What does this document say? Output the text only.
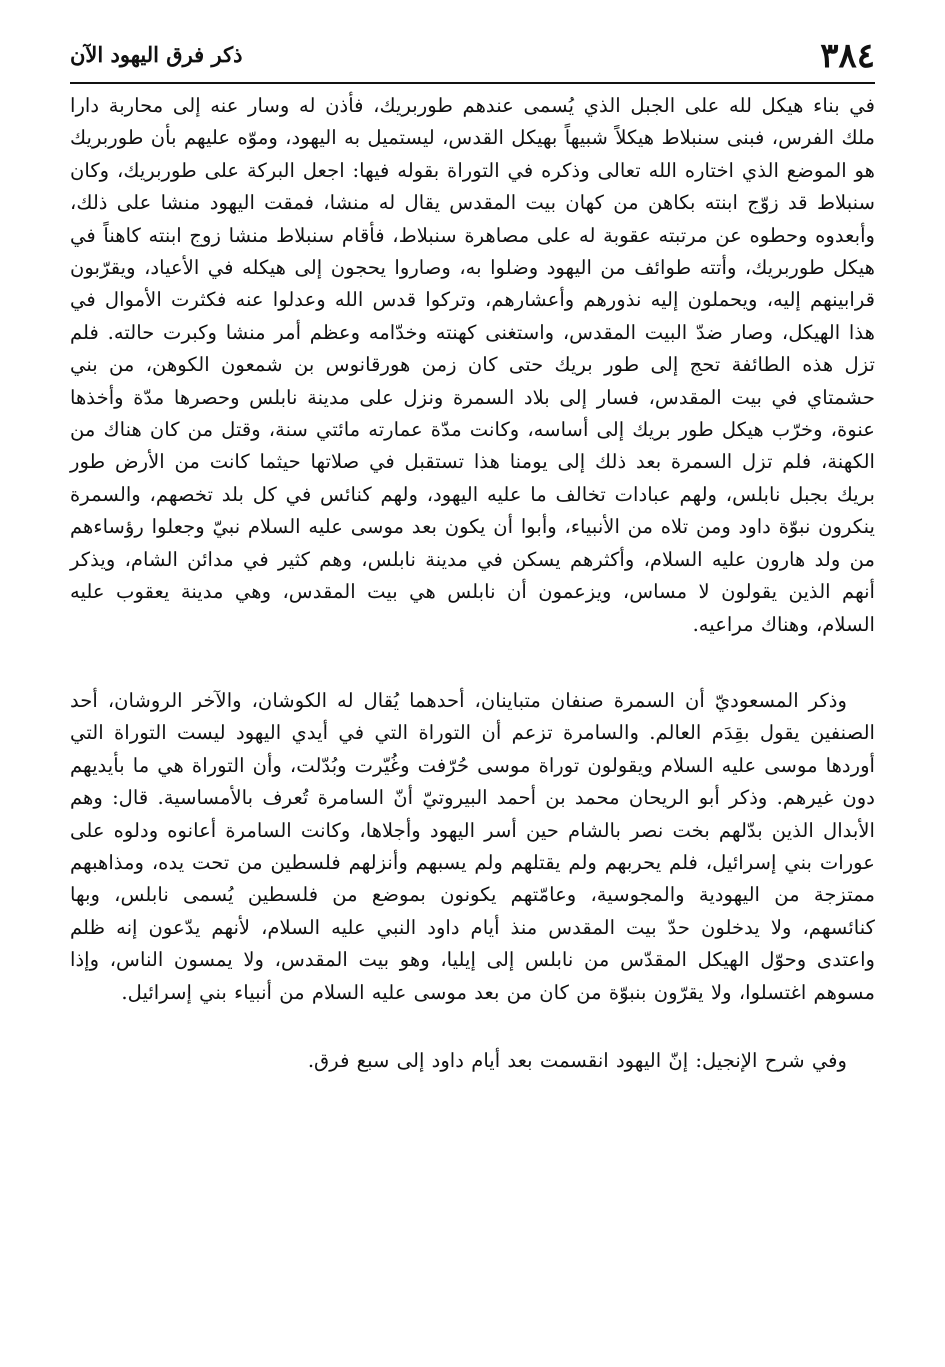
٣٨٤
ذكر فرق اليهود الآن

في بناء هيكل لله على الجبل الذي يُسمى عندهم طوربريك، فأذن له وسار عنه إلى محاربة دارا ملك الفرس، فبنى سنبلاط هيكلاً شبيهاً بهيكل القدس، ليستميل به اليهود، وموّه عليهم بأن طوربريك هو الموضع الذي اختاره الله تعالى وذكره في التوراة بقوله فيها: اجعل البركة على طوربريك، وكان سنبلاط قد زوّج ابنته بكاهن من كهان بيت المقدس يقال له منشا، فمقت اليهود منشا على ذلك، وأبعدوه وحطوه عن مرتبته عقوبة له على مصاهرة سنبلاط، فأقام سنبلاط منشا زوج ابنته كاهناً في هيكل طوربريك، وأتته طوائف من اليهود وضلوا به، وصاروا يحجون إلى هيكله في الأعياد، ويقرّبون قرابينهم إليه، ويحملون إليه نذورهم وأعشارهم، وتركوا قدس الله وعدلوا عنه فكثرت الأموال في هذا الهيكل، وصار ضدّ البيت المقدس، واستغنى كهنته وخدّامه وعظم أمر منشا وكبرت حالته. فلم تزل هذه الطائفة تحج إلى طور بريك حتى كان زمن هورقانوس بن شمعون الكوهن، من بني حشمتاي في بيت المقدس، فسار إلى بلاد السمرة ونزل على مدينة نابلس وحصرها مدّة وأخذها عنوة، وخرّب هيكل طور بريك إلى أساسه، وكانت مدّة عمارته مائتي سنة، وقتل من كان هناك من الكهنة، فلم تزل السمرة بعد ذلك إلى يومنا هذا تستقبل في صلاتها حيثما كانت من الأرض طور بريك بجبل نابلس، ولهم عبادات تخالف ما عليه اليهود، ولهم كنائس في كل بلد تخصهم، والسمرة ينكرون نبوّة داود ومن تلاه من الأنبياء، وأبوا أن يكون بعد موسى عليه السلام نبيّ وجعلوا رؤساءهم من ولد هارون عليه السلام، وأكثرهم يسكن في مدينة نابلس، وهم كثير في مدائن الشام، ويذكر أنهم الذين يقولون لا مساس، ويزعمون أن نابلس هي بيت المقدس، وهي مدينة يعقوب عليه السلام، وهناك مراعيه.

وذكر المسعوديّ أن السمرة صنفان متباينان، أحدهما يُقال له الكوشان، والآخر الروشان، أحد الصنفين يقول بقِدَم العالم. والسامرة تزعم أن التوراة التي في أيدي اليهود ليست التوراة التي أوردها موسى عليه السلام ويقولون توراة موسى حُرّفت وغُيّرت وبُدّلت، وأن التوراة هي ما بأيديهم دون غيرهم. وذكر أبو الريحان محمد بن أحمد البيروتيّ أنّ السامرة تُعرف بالأمساسية. قال: وهم الأبدال الذين بدّلهم بخت نصر بالشام حين أسر اليهود وأجلاها، وكانت السامرة أعانوه ودلوه على عورات بني إسرائيل، فلم يحربهم ولم يقتلهم ولم يسبهم وأنزلهم فلسطين من تحت يده، ومذاهبهم ممتزجة من اليهودية والمجوسية، وعامّتهم يكونون بموضع من فلسطين يُسمى نابلس، وبها كنائسهم، ولا يدخلون حدّ بيت المقدس منذ أيام داود النبي عليه السلام، لأنهم يدّعون إنه ظلم واعتدى وحوّل الهيكل المقدّس من نابلس إلى إيليا، وهو بيت المقدس، ولا يمسون الناس، وإذا مسوهم اغتسلوا، ولا يقرّون بنبوّة من كان من بعد موسى عليه السلام من أنبياء بني إسرائيل.

وفي شرح الإنجيل: إنّ اليهود انقسمت بعد أيام داود إلى سبع فرق.
